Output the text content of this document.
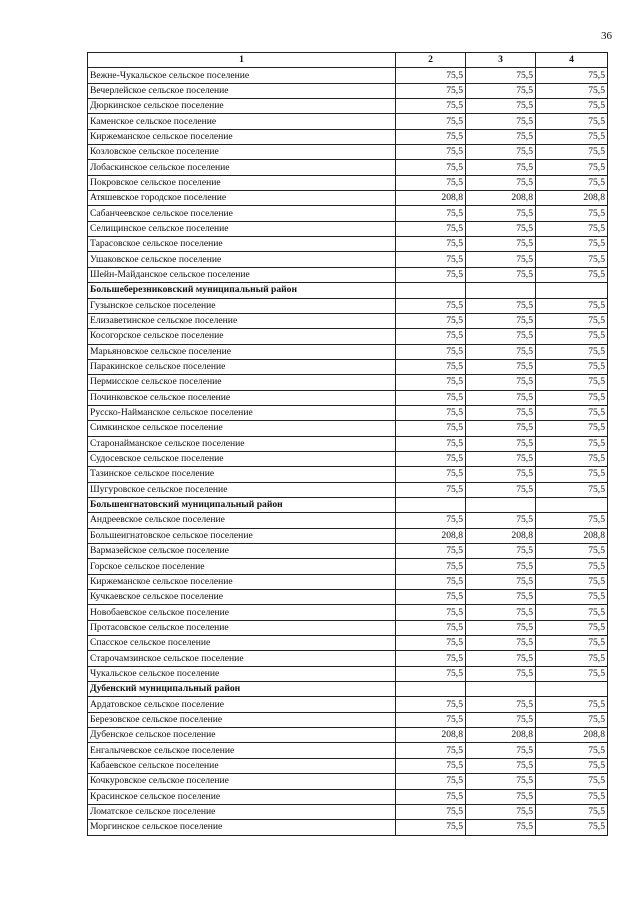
36
1	2	3	4
Вежне-Чукальское сельское поселение	75,5	75,5	75,5
Вечерлейское сельское поселение	75,5	75,5	75,5
Дюркинское сельское поселение	75,5	75,5	75,5
Каменское сельское поселение	75,5	75,5	75,5
Киржеманское сельское поселение	75,5	75,5	75,5
Козловское сельское поселение	75,5	75,5	75,5
Лобаскинское сельское поселение	75,5	75,5	75,5
Покровское сельское поселение	75,5	75,5	75,5
Атяшевское городское поселение	208,8	208,8	208,8
Сабанчеевское сельское поселение	75,5	75,5	75,5
Селищинское сельское поселение	75,5	75,5	75,5
Тарасовское сельское поселение	75,5	75,5	75,5
Ушаковское сельское поселение	75,5	75,5	75,5
Шейн-Майданское сельское поселение	75,5	75,5	75,5
Большеберезниковский муниципальный район			
Гузынское сельское поселение	75,5	75,5	75,5
Елизаветинское сельское поселение	75,5	75,5	75,5
Косогорское сельское поселение	75,5	75,5	75,5
Марьяновское сельское поселение	75,5	75,5	75,5
Паракинское сельское поселение	75,5	75,5	75,5
Пермисское сельское поселение	75,5	75,5	75,5
Починковское сельское поселение	75,5	75,5	75,5
Русско-Найманское сельское поселение	75,5	75,5	75,5
Симкинское сельское поселение	75,5	75,5	75,5
Старонайманское сельское поселение	75,5	75,5	75,5
Судосевское сельское поселение	75,5	75,5	75,5
Тазинское сельское поселение	75,5	75,5	75,5
Шугуровское сельское поселение	75,5	75,5	75,5
Большеигнатовский муниципальный район			
Андреевское сельское поселение	75,5	75,5	75,5
Большеигнатовское сельское поселение	208,8	208,8	208,8
Вармазейское сельское поселение	75,5	75,5	75,5
Горское сельское поселение	75,5	75,5	75,5
Киржеманское сельское поселение	75,5	75,5	75,5
Кучкаевское сельское поселение	75,5	75,5	75,5
Новобаевское сельское поселение	75,5	75,5	75,5
Протасовское сельское поселение	75,5	75,5	75,5
Спасское сельское поселение	75,5	75,5	75,5
Старочамзинское сельское поселение	75,5	75,5	75,5
Чукальское сельское поселение	75,5	75,5	75,5
Дубенский муниципальный район			
Ардатовское сельское поселение	75,5	75,5	75,5
Березовское сельское поселение	75,5	75,5	75,5
Дубенское сельское поселение	208,8	208,8	208,8
Енгалычевское сельское поселение	75,5	75,5	75,5
Кабаевское сельское поселение	75,5	75,5	75,5
Кочкуровское сельское поселение	75,5	75,5	75,5
Красинское сельское поселение	75,5	75,5	75,5
Ломатское сельское поселение	75,5	75,5	75,5
Моргинское сельское поселение	75,5	75,5	75,5
